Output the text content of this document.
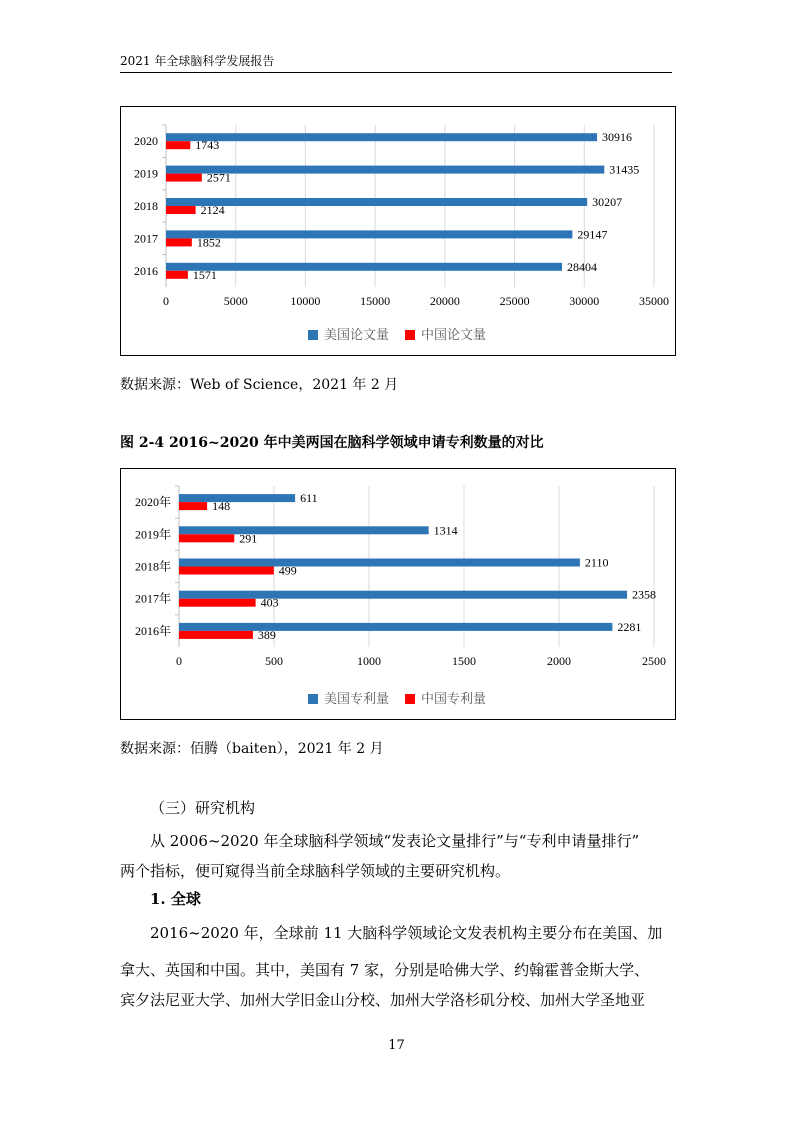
2021 年全球脑科学发展报告
2020	30916
1743
2019	31435
2571
2018	30207
2124
2017	29147
1852
2016	28404
1571
0	5000	10000	15000	20000	25000	30000	35000
美国论文量 中国论文量
数据来源：Web of Science，2021 年 2 月
图 2-4 2016~2020 年中美两国在脑科学领域申请专利数量的对比
2020年	611
148
2019年	1314
291
2018年	2110
499
2017年	2358
403
2016年	2281
389
0	500	1000	1500	2000	2500
美国专利量 中国专利量
数据来源：佰腾（baiten），2021 年 2 月
（三）研究机构
从 2006~2020 年全球脑科学领域“发表论文量排行”与“专利申请量排行”
两个指标，便可窥得当前全球脑科学领域的主要研究机构。
1. 全球
2016~2020 年，全球前 11 大脑科学领域论文发表机构主要分布在美国、加
拿大、英国和中国。其中，美国有 7 家，分别是哈佛大学、约翰霍普金斯大学、
宾夕法尼亚大学、加州大学旧金山分校、加州大学洛杉矶分校、加州大学圣地亚
17
